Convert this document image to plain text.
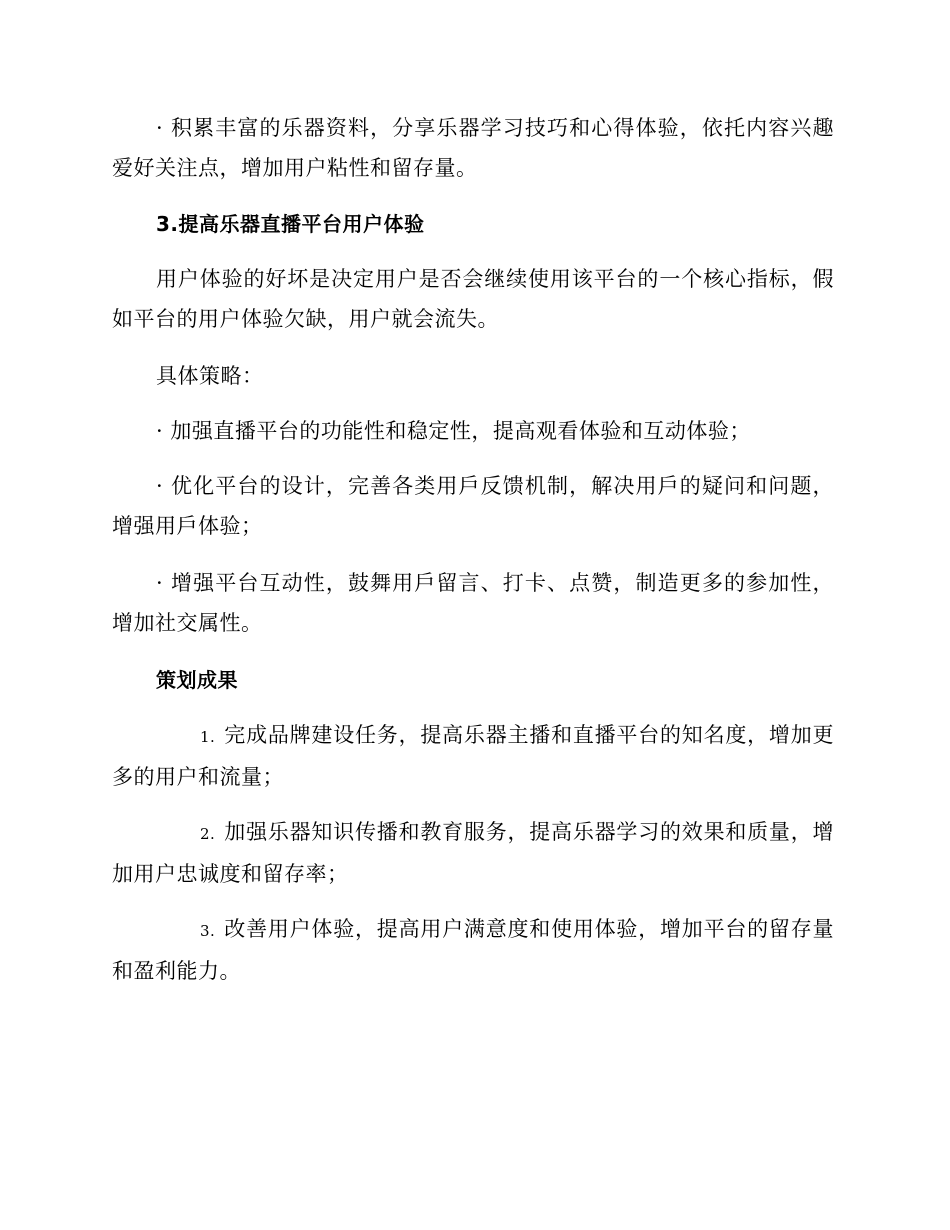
· 积累丰富的乐器资料，分享乐器学习技巧和心得体验，依托内容兴趣爱好关注点，增加用户粘性和留存量。

3.提高乐器直播平台用户体验

用户体验的好坏是决定用户是否会继续使用该平台的一个核心指标，假如平台的用户体验欠缺，用户就会流失。

具体策略：

· 加强直播平台的功能性和稳定性，提高观看体验和互动体验；

· 优化平台的设计，完善各类用戶反馈机制，解决用戶的疑问和问题，增强用戶体验；

· 增强平台互动性，鼓舞用戶留言、打卡、点赞，制造更多的参加性，增加社交属性。

策划成果

1. 完成品牌建设任务，提高乐器主播和直播平台的知名度，增加更多的用户和流量；

2. 加强乐器知识传播和教育服务，提高乐器学习的效果和质量，增加用户忠诚度和留存率；

3. 改善用户体验，提高用户满意度和使用体验，增加平台的留存量和盈利能力。
